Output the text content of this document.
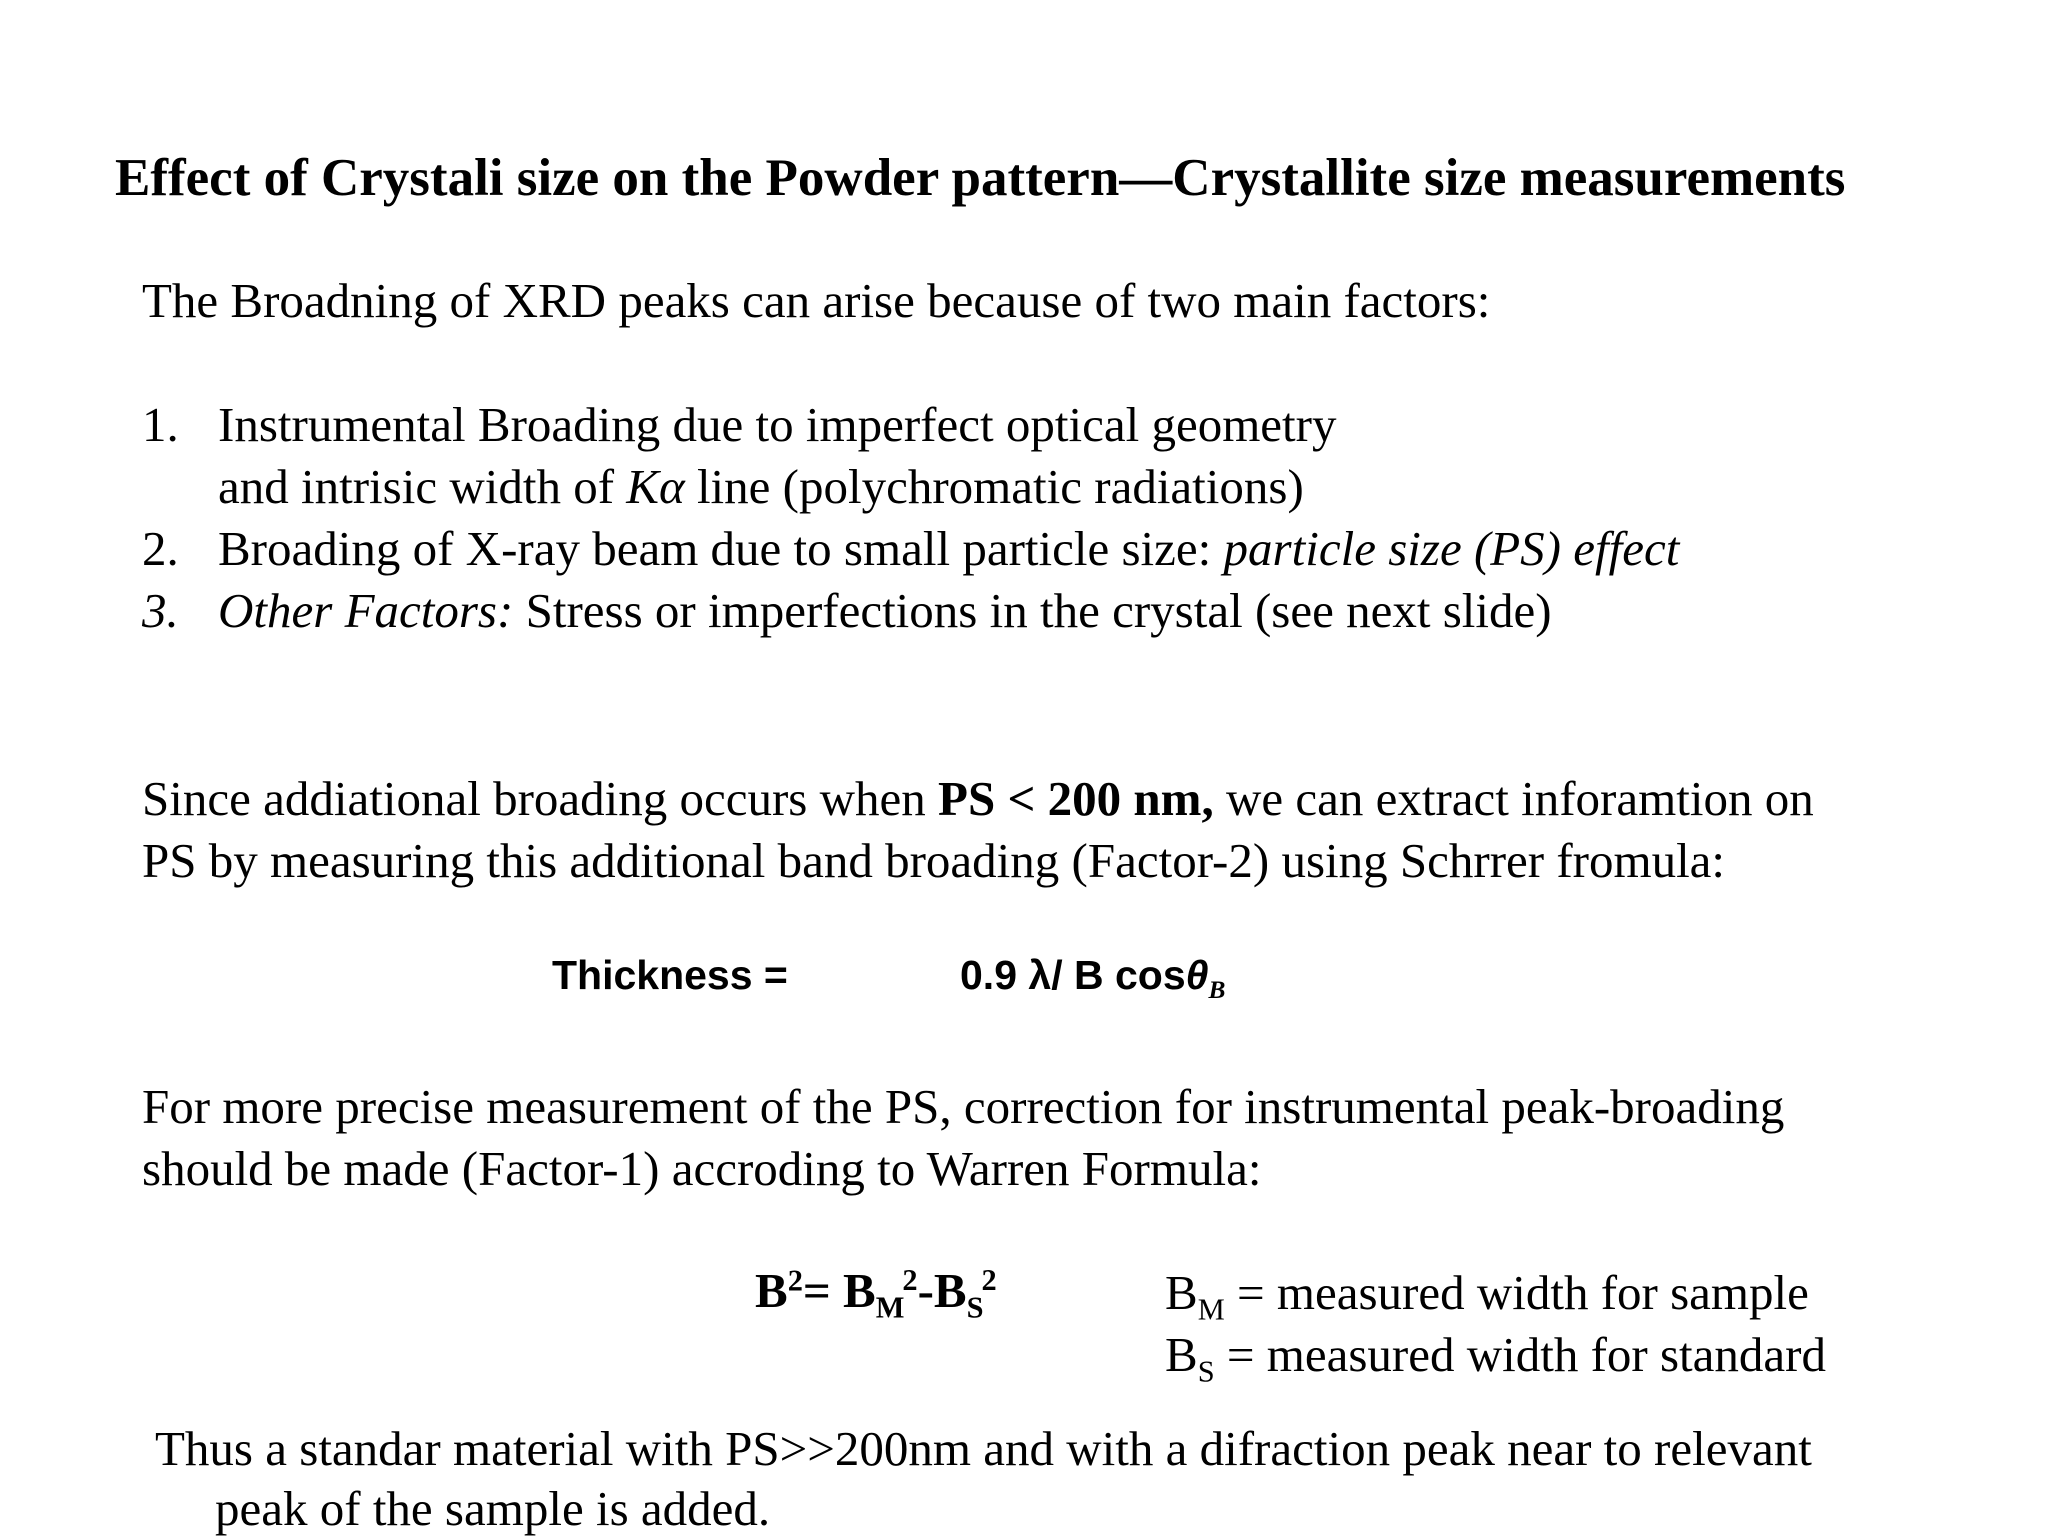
Effect of Crystali size on the Powder pattern—Crystallite size measurements
The Broadning of XRD peaks can arise because of two main factors:
1. Instrumental Broading due to imperfect optical geometry
and intrisic width of Kα line (polychromatic radiations)
2. Broading of X-ray beam due to small particle size: particle size (PS) effect
3. Other Factors: Stress or imperfections in the crystal (see next slide)
Since addiational broading occurs when PS < 200 nm, we can extract inforamtion on
PS by measuring this additional band broading (Factor-2) using Schrrer fromula:
Thickness =	0.9 λ/ B cosθ$_B$
For more precise measurement of the PS, correction for instrumental peak-broading
should be made (Factor-1) accroding to Warren Formula:
$B^2= B_M^2-B_S^2$	$B_M$ = measured width for sample
$B_S$ = measured width for standard
Thus a standar material with PS>>200nm and with a difraction peak near to relevant
peak of the sample is added.
